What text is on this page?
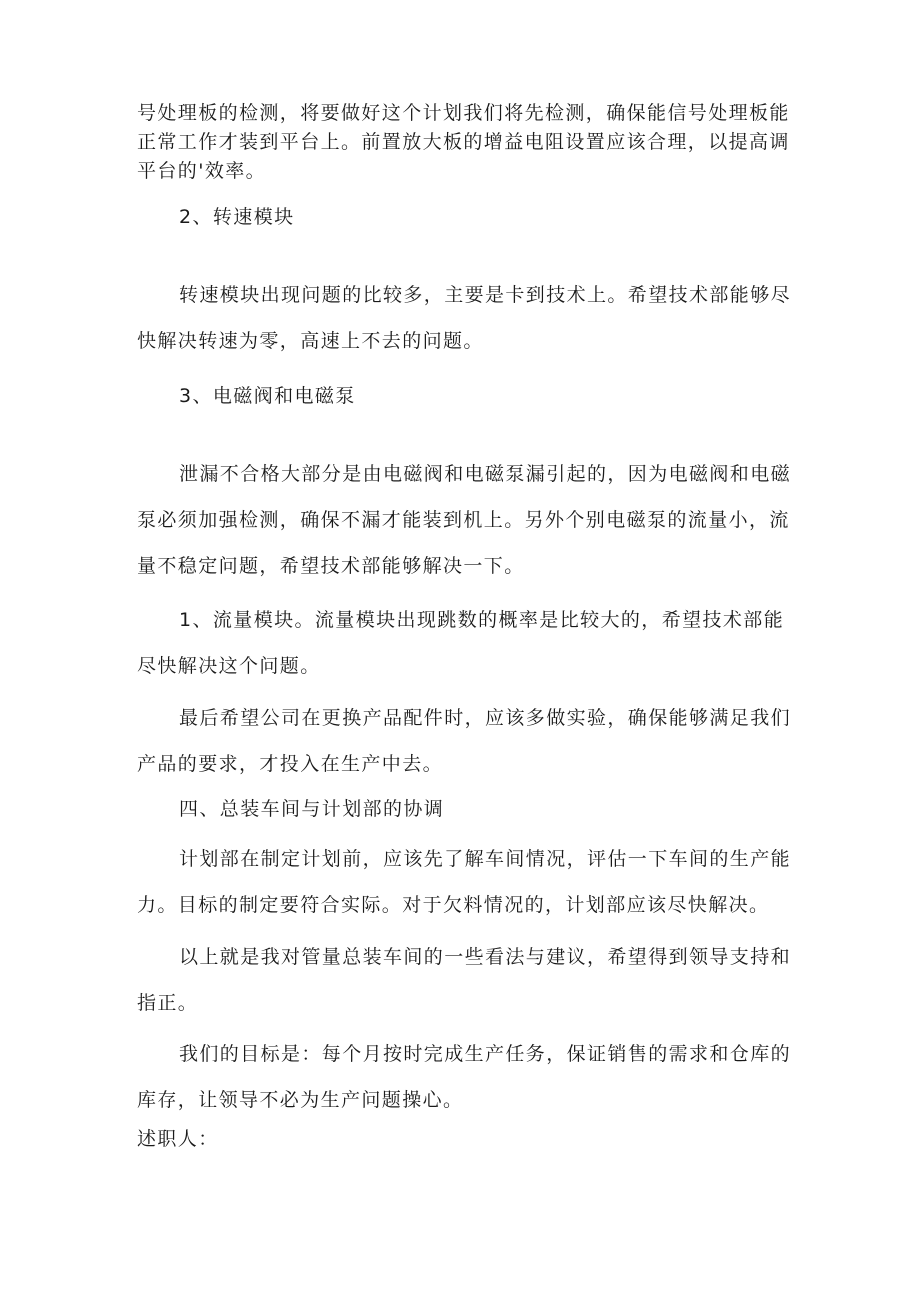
号处理板的检测，将要做好这个计划我们将先检测，确保能信号处理板能正常工作才装到平台上。前置放大板的增益电阻设置应该合理，以提高调平台的'效率。

2、转速模块

转速模块出现问题的比较多，主要是卡到技术上。希望技术部能够尽快解决转速为零，高速上不去的问题。

3、电磁阀和电磁泵

泄漏不合格大部分是由电磁阀和电磁泵漏引起的，因为电磁阀和电磁泵必须加强检测，确保不漏才能装到机上。另外个别电磁泵的流量小，流量不稳定问题，希望技术部能够解决一下。

1、流量模块。流量模块出现跳数的概率是比较大的，希望技术部能尽快解决这个问题。

最后希望公司在更换产品配件时，应该多做实验，确保能够满足我们产品的要求，才投入在生产中去。

四、总装车间与计划部的协调

计划部在制定计划前，应该先了解车间情况，评估一下车间的生产能力。目标的制定要符合实际。对于欠料情况的，计划部应该尽快解决。

以上就是我对管量总装车间的一些看法与建议，希望得到领导支持和指正。

我们的目标是：每个月按时完成生产任务，保证销售的需求和仓库的库存，让领导不必为生产问题操心。

述职人：
